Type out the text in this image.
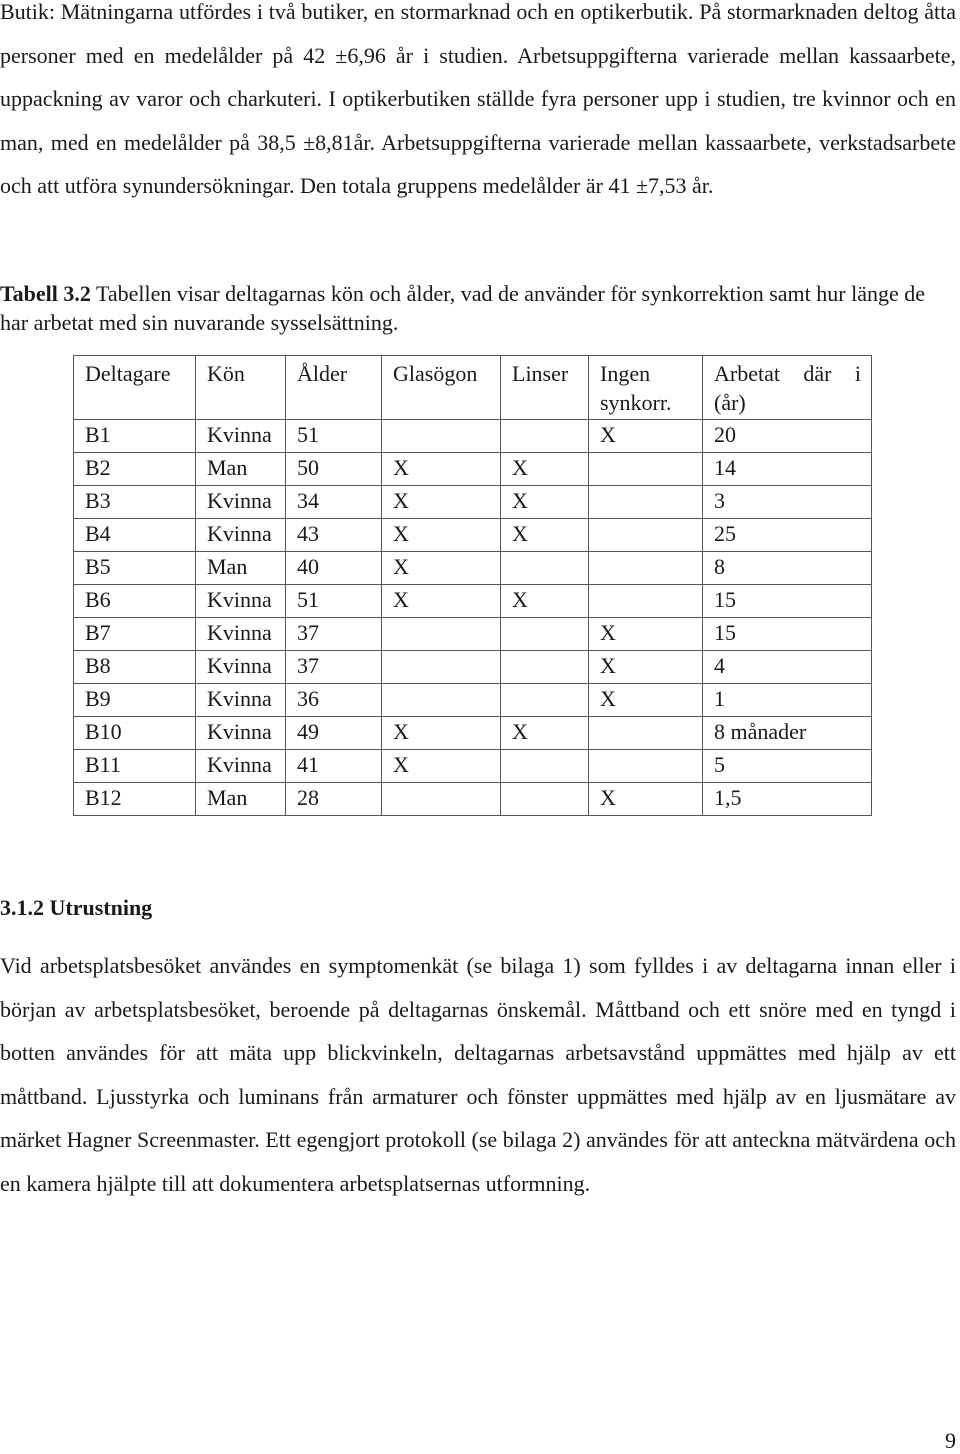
Butik: Mätningarna utfördes i två butiker, en stormarknad och en optikerbutik. På stormarknaden deltog åtta personer med en medelålder på 42 ±6,96 år i studien. Arbetsuppgifterna varierade mellan kassaarbete, uppackning av varor och charkuteri. I optikerbutiken ställde fyra personer upp i studien, tre kvinnor och en man, med en medelålder på 38,5 ±8,81år. Arbetsuppgifterna varierade mellan kassaarbete, verkstadsarbete och att utföra synundersökningar. Den totala gruppens medelålder är 41 ±7,53 år.

Tabell 3.2 Tabellen visar deltagarnas kön och ålder, vad de använder för synkorrektion samt hur länge de har arbetat med sin nuvarande sysselsättning.

Deltagare	Kön	Ålder	Glasögon	Linser	Ingen synkorr.	Arbetat där i (år)
B1	Kvinna	51			X	20
B2	Man	50	X	X		14
B3	Kvinna	34	X	X		3
B4	Kvinna	43	X	X		25
B5	Man	40	X			8
B6	Kvinna	51	X	X		15
B7	Kvinna	37			X	15
B8	Kvinna	37			X	4
B9	Kvinna	36			X	1
B10	Kvinna	49	X	X		8 månader
B11	Kvinna	41	X			5
B12	Man	28			X	1,5
3.1.2 Utrustning

Vid arbetsplatsbesöket användes en symptomenkät (se bilaga 1) som fylldes i av deltagarna innan eller i början av arbetsplatsbesöket, beroende på deltagarnas önskemål. Måttband och ett snöre med en tyngd i botten användes för att mäta upp blickvinkeln, deltagarnas arbetsavstånd uppmättes med hjälp av ett måttband. Ljusstyrka och luminans från armaturer och fönster uppmättes med hjälp av en ljusmätare av märket Hagner Screenmaster. Ett egengjort protokoll (se bilaga 2) användes för att anteckna mätvärdena och en kamera hjälpte till att dokumentera arbetsplatsernas utformning.

9
